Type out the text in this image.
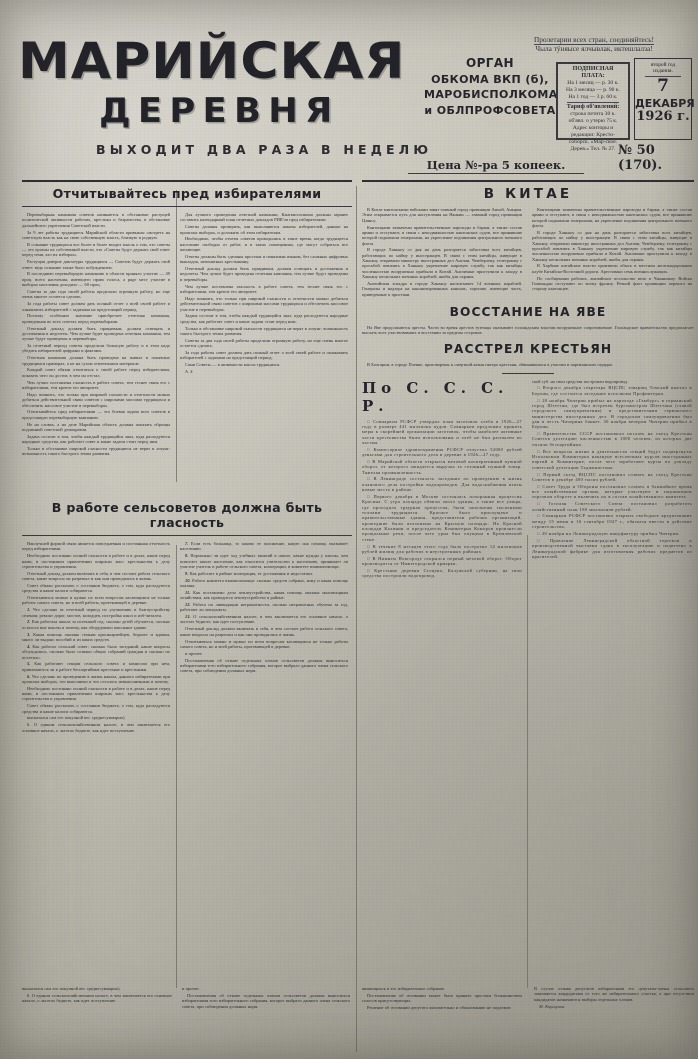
Пролетарии всех стран, соединяйтесь!
Чыла тӱняысе ялчывлак, иктешлалза!
МАРИЙСКАЯ
ДЕРЕВНЯ
ВЫХОДИТ ДВА РАЗА В НЕДЕЛЮ
ОРГАН
ОБКОМА ВКП (б),
МАРОБИСПОЛКОМА
и ОБЛПРОФСОВЕТА
ПОДПИСНАЯ ПЛАТА:
На 1 месяц — р. 30 к.
На 3 месяца — р. 90 к.
На 1 год — 3 р. 60 к.
Тариф об'явлений:
строка петита 30 к.
об'явл. о утерю 75 к.
Адрес конторы и
редакции: Кресто-
соборск. «Мар-ское.
Дерев.» Тел. № 27.
второй год
издания.
7
ДЕКАБРЯ
1926 г.
№ 50 (170).
Цена №-ра 5 копеек.
Отчитывайтесь пред избирателями

Перевыборная кампания советов начинается в обстановке растущей политической активности рабочих, крестьян и батрачества, в обстановке дальнейшего укрепления Советской власти.

За 9 лет работы трудящиеся Марийской области привыкли смотреть на советскую власть как на свою собственную власть, близкую и родную.

В сознание трудящихся все более и более входит мысль о том, что советы — это органы их собственной власти, что «Советы будут держать свой ответ перед теми, кто их избирал».

Растущая доверие диктатуры трудящихся — Советов будут держать свой ответ: ведь сознание также было побуждением.

В последнюю перевыборную кампанию в области приняло участие — 49 проц. всего населения, имеющего право голоса, а ряде мест участие в выборах населения доходило — 60 проц.

Советы за два года своей работы проделали огромную работу, но еще очень многое остается сделать.

За года работы совет должен дать полный отчет о всей своей работе и ознакомить избирателей с задачами на предстоящий период.

Поэтому особенное значение приобретает отчетная кампания, проведенная во всех советах перед перевыборами.

Отчетный доклад должен быть правдивым, должен освещать и достижения и недочеты. Чем лучше будет проведена отчетная кампания, тем лучше будут проведены и перевыборы.

За отчетный период советы проделали большую работу и в этом надо убедить избирателей цифрами и фактами.

Отчетная кампания должна быть проведена на живых и понятных трудящимся примерах, а не на сухом отвлеченном материале.

Каждый совет обязан отчитаться о своей работе перед избирателями, показать чего он достиг, в чем он отстал.

Чем лучше поставлена гласность в работе совета, тем теснее связь его с избирателями, тем крепче его авторитет.

Надо помнить, что только при широкой гласности и отчетности можно добиться действительной связи советов с широкими массами трудящихся и обеспечить массовое участие в перевыборах.

Отчитывайтесь пред избирателями — это боевая задача всех советов в предстоящую перевыборную кампанию.

Не на словах, а на деле Марийская область должна показать образцы подлинной советской демократии.

Задача состоит в том, чтобы каждый трудящийся знал, куда расходуются народные средства, как работает совет и какие задачи стоят перед ним.

Только в обстановке широкой гласности трудящиеся не верят в лозунг: возможность такого быстрого темпа развития.

Для лучшего проведения отчетной кампании, Канткисполкома должны заранее составить календарный план отчетных докладов РИК'ов пред избирателями.

Советы должны проверить, как выполняются наказы избирателей, данные на прошлых выборах, и доложить об этом избирателям.

Необходимо, чтобы отчеты советов проводились в такое время, когда трудящееся население свободно от работ, и в таких помещениях, где могут собраться все желающие.

Отчеты должны быть сделаны простым и понятным языком, без сложных цифровых выкладок, непонятных крестьянину.

Отчетный доклад должен быть правдивым, должен освещать и достижения и недочеты. Чем лучше будет проведена отчетная кампания, тем лучше будут проведены и перевыборы.

Чем лучше поставлена гласность в работе совета, тем теснее связь его с избирателями, тем крепче его авторитет.

Надо помнить, что только при широкой гласности и отчетности можно добиться действительной связи советов с широкими массами трудящихся и обеспечить массовое участие в перевыборах.

Задача состоит в том, чтобы каждый трудящийся знал, куда расходуются народные средства, как работает совет и какие задачи стоят перед ним.

Только в обстановке широкой гласности трудящиеся не верят в лозунг: возможность такого быстрого темпа развития.

Советы за два года своей работы проделали огромную работу, но еще очень многое остается сделать.

За года работы совет должен дать полный отчет о всей своей работе и ознакомить избирателей с задачами на предстоящий период.

Сами Советы — в активности массы трудящихся.

А. З.

В работе сельсоветов должна быть гласность

Наилучшей формой связи является повседневная и постоянная отчетность перед избирателями.

Необходимо постоянно полной гласности в работе и в делах, какие перед нами, в постоянном привлечении широких масс крестьянства к делу строительства и управления.

Отчетный доклад должен включать в себя, в чем состоит работа сельского совета, какие вопросы он разрешал и как они проводились в жизнь.

Совет обязан рассказать о состоянии бюджета, о том, куда расходуются средства и какие налоги собираются.

Отчитываться можно и нужно по всем вопросам касающимся не только работы самого совета, но и всей работы, протекающей в деревне.

1. Что сделано за отчетный период по улучшению и благоустройству селения: ремонт дорог, мостов, колодцев, постройка школ и изб-читален.

2. Как работала школа за истекший год: сколько детей обучается, сколько осталось вне школы и почему, как оборудовано школьное здание.

3. Какая помощь оказана семьям красноармейцев, бедноте и вдовам, много ли выдано пособий и из каких средств.

4. Как работал сельский совет: сколько было заседаний, какие вопросы обсуждались, сколько было созвано общих собраний граждан и сколько их посетило.

5. Как работают секции сельского совета и комиссии при нем, привлекаются ли к работе беспартийные крестьяне и крестьянки.

6. Что сделано по проведению в жизнь наказа, данного избирателями при прошлых выборах, что выполнено и что осталось невыполненным и почему.

Необходимо постоянно полной гласности в работе и в делах, какие перед нами, в постоянном привлечении широких масс крестьянства к делу строительства и управления.

Совет обязан рассказать о состоянии бюджета, о том, куда расходуются средства и какие налоги собираются.

высказался сам его покупной вес среднесуммарно).

6. О едином сельскохозяйственном налоге, в чем заключается его основное начало, о льготах бедноте, как идет поступление.

7. Если есть больница, то каково ее положение, какую она помощь оказывает населению.

8. Нормально ли идет ход учебных занятий в школе, какие нужды у школы, чем помогает школе население, как относится учительство к населению, принимает ли участие учитель в работе сельского совета, кооперации, в комитете взаимопомощи.

9. Как работает в районе кооперация, ее достижения и недостатки.

10. Работа комитета взаимопомощи: сколько средств собрано, кому и какая помощь оказана.

11. Как поставлено дело землеустройства, какая помощь оказана маломощным хозяйствам, как проводится землеустройство в районе.

12. Работа по ликвидации неграмотности, сколько неграмотных обучено за год, работают ли ликпункты.

13. О сельскохозяйственном налоге, в чем заключается его основное начало, о льготах бедноте, как идет поступление.

Отчетный доклад должен включать в себя, в чем состоит работа сельского совета, какие вопросы он разрешал и как они проводились в жизнь.

Отчитываться можно и нужно по всем вопросам касающимся не только работы самого совета, но и всей работы, протекающей в деревне.

и прочее.

Постановления об отзыве отдельных членов сельсоветов должны выноситься избирателями того избирательного собрания, которое выбрало данного члена сельского совета, при соблюдении должных норм.

В КИТАЕ

В Китае кантонскими войсками занят главный город провинции Анхой, Аньцин. Этим открывается путь для наступления на Нанкин — главный город провинции Цзянсу.

Кантонцами захвачены правительственные пароходы и баржи, а также состав армии и отступают, в связи с неподвижностью кантонских судов, все принявшие которой поднимали генералами, на укрепление подчинения центрального военного флота.

В городе Ханькоу со дня на день разгорается забастовка всех китайцев, работающих по найму у иностранцев. В связи с этим китайцы, живущие в Ханькоу, отправили министру иностранных дел Англии, Чемберлену, телеграмму с просьбой повлиять в Ханькоу укрепление мировую службу, так как китайцы численностью вооруженно прибыли в Китай. Англичане приступили к заходу в Ханькоу нескольких военных кораблей, якобы для охраны.

Английская эскадра в городе Ханькоу насчитывает 14 военных кораблей. Генералы и надзора на канонизированных канонах, хорошие, имеющие часть, приведенные к пристани.

Кантонцами захвачены правительственные пароходы и баржи, а также состав армии и отступают, в связи с неподвижностью кантонских судов, все принявшие которой поднимали генералами, на укрепление подчинения центрального военного флота.

В городе Ханькоу со дня на день разгорается забастовка всех китайцев, работающих по найму у иностранцев. В связи с этим китайцы, живущие в Ханькоу, отправили министру иностранных дел Англии, Чемберлену, телеграмму с просьбой повлиять в Ханькоу укрепление мировую службу, так как китайцы численностью вооруженно прибыли в Китай. Англичане приступили к заходу в Ханькоу нескольких военных кораблей, якобы для охраны.

В Харбине китайские власти произвели обыск в местном железнодорожном клубе Китайско-Восточной дороги. Арестовано семь военнослужащих.

По сообщениям рабочих, английское посольство вело в Чжаньчжоу. Войска Гоминьдан отступают по всему фронту. Речной флот провинции перешел на сторону кантонцев.

ВОССТАНИЕ НА ЯВЕ

На Яве продолжаются аресты. Части во время арестов туземцы оказывают голландским властям вооруженное сопротивление. Голландское правительство предполагает выслать всех участвовавших в восстании за пределы островов.

РАССТРЕЛ КРЕСТЬЯН

В Болгарии, в городе Плевне, приговорены к смертной казни пятеро крестьян, обвинявшихся в участии в партизанских отрядах.

По С. С. С. Р.

□ Совнарком РСФСР утвердил план заготовок хлеба в 1926—27 году в размере 441 миллиона пудов. Совнарком предложил принять меры к скорейшей организации заготовок, чтобы наиболее активные части крестьянства были использованы и хлеб не был распылен по частям.

□ Комиссариат здравоохранения РСФСР отпустил 52000 рублей деньгами для строительного дела в деревне в 1926—27 году.

□ В Марийской области открылся меховой кооперативный пушной оборот, от которого ожидается выручка за сезонный пушной товар. Тяжелая промышленность.

□ В Ленинграде состоялось заседание по проведению в жизнь планового дела постройки водопроводов. Для водоснабжения взяты новые места в районе.

□ Первого декабря в Москве состоялась похоронная процессия Красина. С утра площадь обвили около здания, а также все улицы, где проходила траурная процессия, были заполнены тысячными толпами трудящихся. Красное было приспущено и правительственные здания, представители рабочих организаций, прошедшие были возложены на Красную площадь. На Красной площади Калинин и председатель Коминтерна Коморов произнесли прощальные речи, после чего урна был опущена в Кремлевской стене.

□ В течение 8 месяцев этого года было построено 14 миллионов рублей жилищ для рабочих в неустроенных районах.

□ В Нижнем Новгороде открылся первый меховой оборот. Оборот производится от Нижегородской ярмарки.

□ Крестьяне деревни Стоцено, Калужской губернии, на свои средства построили водопровод.

ской губ. на свои средства построили водопровод.

□ Второго декабря секретарь ВЦСПС товарищ Томский выехал в Берлин, где состоится заседание исполкома Профинтерна.

□ 20 ноября Чичерин прибыл на пароходе «Гамбург» в германский город Штеттин, где был встречен бургомистром Штеттина (главой городского самоуправления) и представителями германского министерства иностранных дел. В городском самоуправлении был дан в честь Чичерина банкет. 30 ноября вечером Чичерин прибыл в Берлин.

□ Правительство СССР постановило послать на съезд Крестьян Советов делегацию численностью в 1000 человек, из которых две тысячи беспартийных.

□ Все вопросы жизни и деятельности секций будут подвергнуты Исполкомом Коминтерна накануне всесоюзных курсов иностранных партий в Коминтерне, после чего заработают курсы по докладу советской делегации Таджикистана.

□ Первый съезд ВЦСПС постановил созвать на съезд Крестьян Советов в декабре 400 тысяч рублей.

□ Совет Труда и Обороны постановил созвать в ближайшее время все хозяйственные органы, которые участвуют в заграничном торговом обороте и включить их в состав хозяйственного комитета.

□ Госплан Советского Союза постановил разработать хозяйственный план 180 миллионов рублей.

□ Совнарком РСФСР постановил открыть свободное кредитование между 15 июня и 16 сентября 1927 г., обязался ввести в действие строительства.

□ 20 ноября на Ленинградскую мануфактуру прибыл Чичерин.

□ Правление Ленинградской областной торговли и производственной выставки сдано в эксплуатацию и подвезено к Ленинградской фабрике для изготовления рабочих предметов из красителей.

высказался сам его покупной вес среднесуммарно).

6. О едином сельскохозяйственном налоге, в чем заключается его основное начало, о льготах бедноте, как идет поступление.

и прочее.

Постановления об отзыве отдельных членов сельсоветов должны выноситься избирателями того избирательного собрания, которое выбрало данного члена сельского совета, при соблюдении должных норм.

являющихся в это избирательное собрание.

Постановление об отозвании может быть принято простым большинством голосов присутствующих.

Решение об отозвании депутата окончательно и обжалованию не подлежит.

В случае отзыва депутатов избирателями его депутаты-члены сельсовета заменяются кандидатами от того же избирательного участка, а при отсутствии кандидатов назначаются выборы отдельных членов.

М. Коршунов.
